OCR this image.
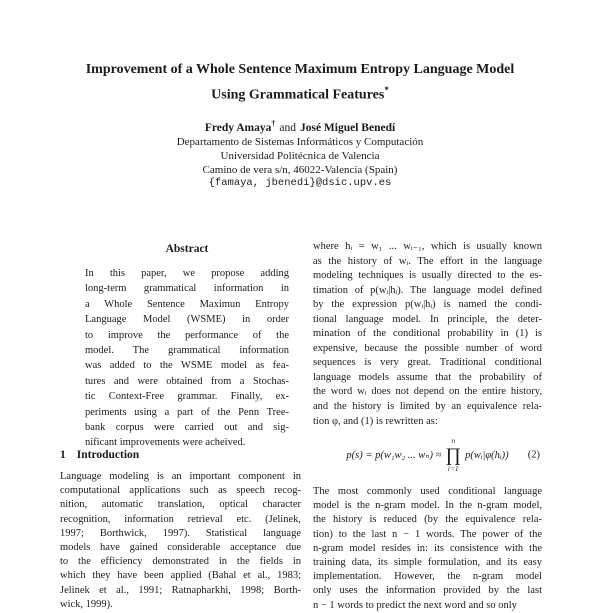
Improvement of a Whole Sentence Maximum Entropy Language Model
Using Grammatical Features*
Fredy Amaya† and José Miguel Benedí
Departamento de Sistemas Informáticos y Computación
Universidad Politécnica de Valencia
Camino de vera s/n, 46022-Valencia (Spain)
{famaya, jbenedi}@dsic.upv.es
Abstract
In this paper, we propose adding
long-term grammatical information in
a Whole Sentence Maximun Entropy
Language Model (WSME) in order
to improve the performance of the
model. The grammatical information
was added to the WSME model as fea-
tures and were obtained from a Stochas-
tic Context-Free grammar. Finally, ex-
periments using a part of the Penn Tree-
bank corpus were carried out and sig-
nificant improvements were acheived.
1 Introduction
Language modeling is an important component in
computational applications such as speech recog-
nition, automatic translation, optical character
recognition, information retrieval etc. (Jelinek,
1997; Borthwick, 1997). Statistical language
models have gained considerable acceptance due
to the efficiency demonstrated in the fields in
which they have been applied (Bahal et al., 1983;
Jelinek et al., 1991; Ratnapharkhi, 1998; Borth-
wick, 1999).
where hᵢ = w₁ ... wᵢ₋₁, which is usually known
as the history of wᵢ. The effort in the language
modeling techniques is usually directed to the es-
timation of p(wᵢ|hᵢ). The language model defined
by the expression p(wᵢ|hᵢ) is named the condi-
tional language model. In principle, the deter-
mination of the conditional probability in (1) is
expensive, because the possible number of word
sequences is very great. Traditional conditional
language models assume that the probability of
the word wᵢ does not depend on the entire history,
and the history is limited by an equivalence rela-
tion φ, and (1) is rewritten as:
p(s) = p(w₁w₂ ... wₙ) ≈
n
∏
i=1
p(wᵢ|φ(hᵢ)) (2)
The most commonly used conditional language
model is the n-gram model. In the n-gram model,
the history is reduced (by the equivalence rela-
tion) to the last n − 1 words. The power of the
n-gram model resides in: its consistence with the
training data, its simple formulation, and its easy
implementation. However, the n-gram model
only uses the information provided by the last
n − 1 words to predict the next word and so only
